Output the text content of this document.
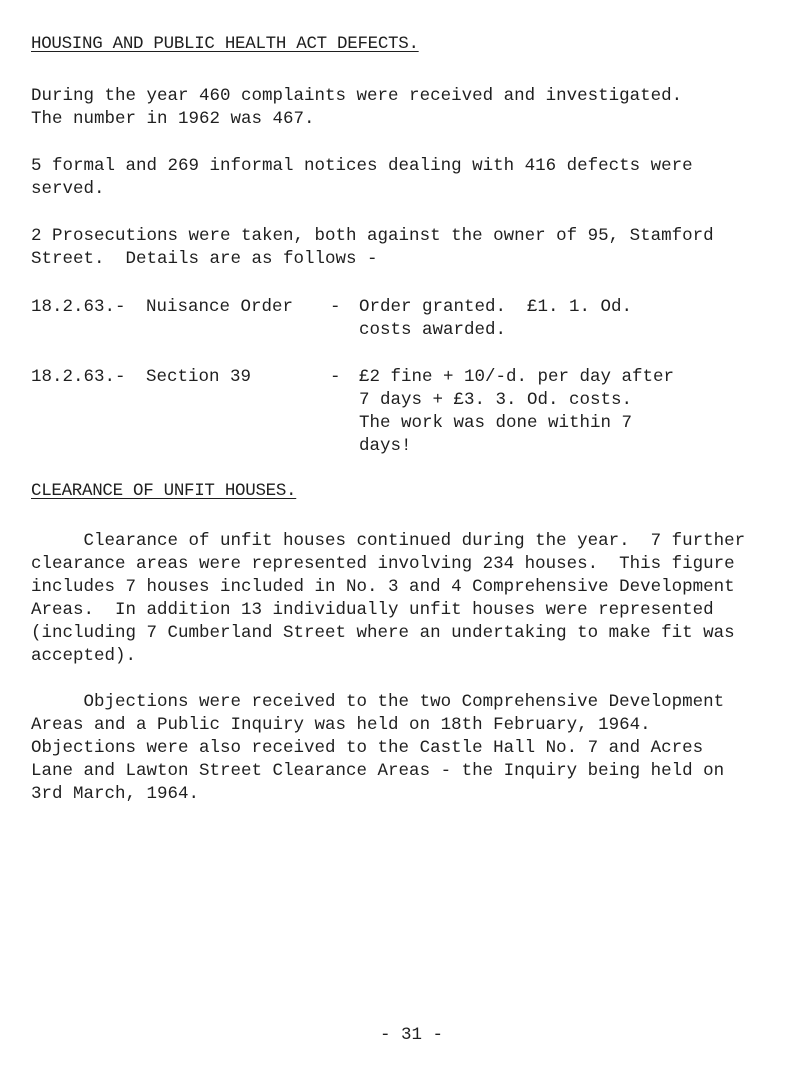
HOUSING AND PUBLIC HEALTH ACT DEFECTS.

During the year 460 complaints were received and investigated.

The number in 1962 was 467.

5 formal and 269 informal notices dealing with 416 defects were

served.

2 Prosecutions were taken, both against the owner of 95, Stamford

Street.  Details are as follows -

18.2.63. - Nuisance Order - Order granted.  £1. 1. Od.

costs awarded.

18.2.63. - Section 39	- £2 fine + 10/-d. per day after

7 days + £3. 3. Od. costs.

The work was done within 7

days!

CLEARANCE OF UNFIT HOUSES.

Clearance of unfit houses continued during the year.  7 further

clearance areas were represented involving 234 houses.  This figure

includes 7 houses included in No. 3 and 4 Comprehensive Development

Areas.  In addition 13 individually unfit houses were represented

(including 7 Cumberland Street where an undertaking to make fit was

accepted).

Objections were received to the two Comprehensive Development

Areas and a Public Inquiry was held on 18th February, 1964.

Objections were also received to the Castle Hall No. 7 and Acres

Lane and Lawton Street Clearance Areas - the Inquiry being held on

3rd March, 1964.

- 31 -
